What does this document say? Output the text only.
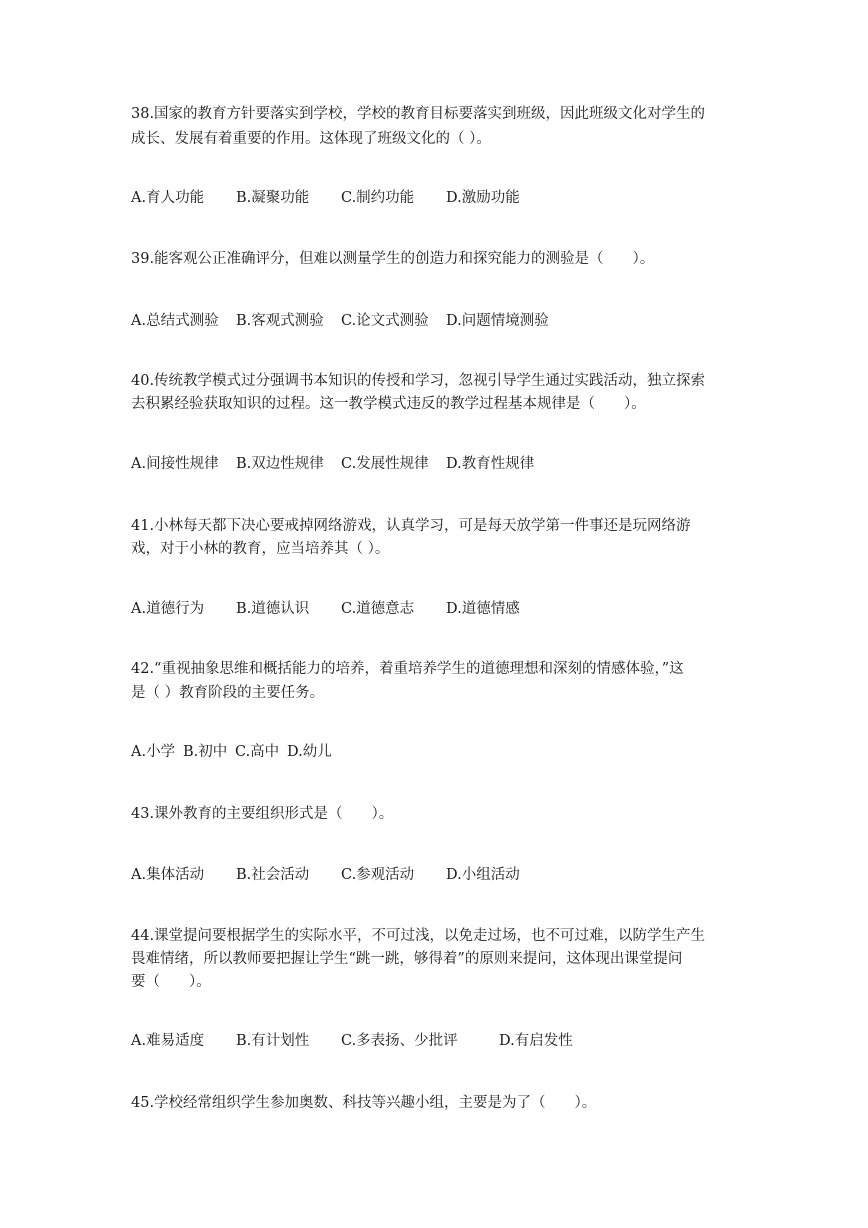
38.国家的教育方针要落实到学校，学校的教育目标要落实到班级，因此班级文化对学生的
成长、发展有着重要的作用。这体现了班级文化的（ ）。
A.育人功能	B.凝聚功能	C.制约功能	D.激励功能
39.能客观公正准确评分，但难以测量学生的创造力和探究能力的测验是（　　）。
A.总结式测验	B.客观式测验	C.论文式测验	D.问题情境测验
40.传统教学模式过分强调书本知识的传授和学习，忽视引导学生通过实践活动，独立探索
去积累经验获取知识的过程。这一教学模式违反的教学过程基本规律是（　　）。
A.间接性规律	B.双边性规律	C.发展性规律	D.教育性规律
41.小林每天都下决心要戒掉网络游戏，认真学习，可是每天放学第一件事还是玩网络游
戏，对于小林的教育，应当培养其（ ）。
A.道德行为	B.道德认识	C.道德意志	D.道德情感
42.“重视抽象思维和概括能力的培养，着重培养学生的道德理想和深刻的情感体验，”这
是（ ）教育阶段的主要任务。
A.小学 B.初中 C.高中 D.幼儿
43.课外教育的主要组织形式是（　　）。
A.集体活动	B.社会活动	C.参观活动	D.小组活动
44.课堂提问要根据学生的实际水平，不可过浅，以免走过场，也不可过难，以防学生产生
畏难情绪，所以教师要把握让学生“跳一跳，够得着”的原则来提问，这体现出课堂提问
要（　　）。
A.难易适度	B.有计划性	C.多表扬、少批评	D.有启发性
45.学校经常组织学生参加奥数、科技等兴趣小组，主要是为了（　　）。
